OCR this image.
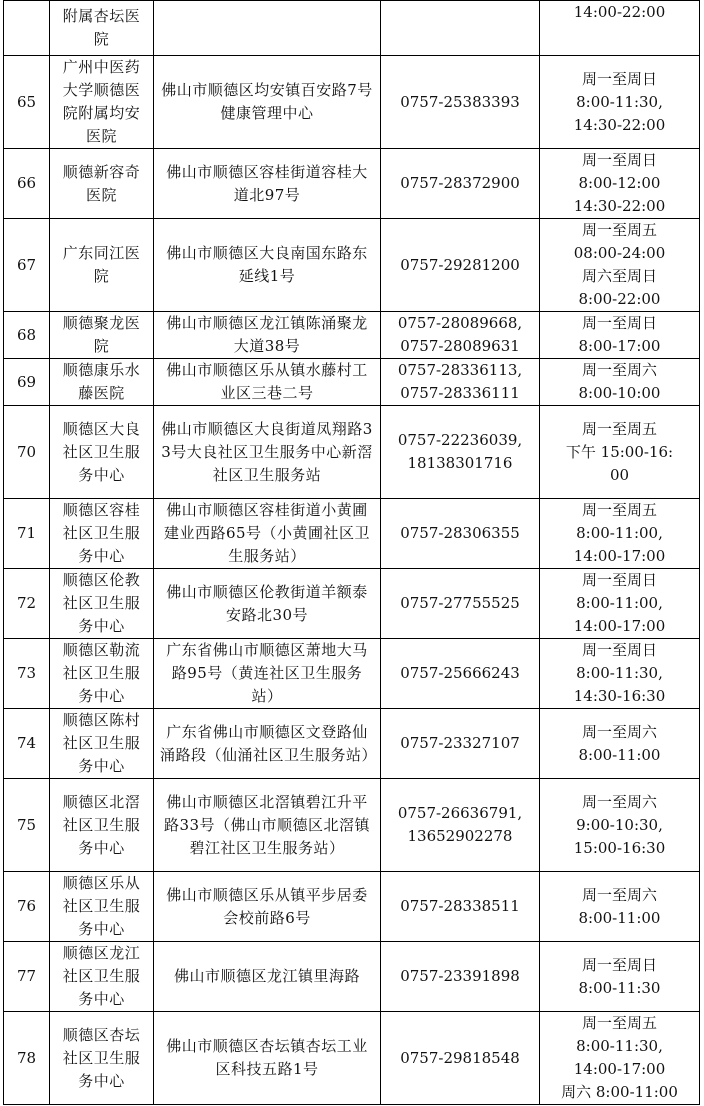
	附属杏坛医院			14:00-22:00

65	广州中医药大学顺德医院附属均安医院	佛山市顺德区均安镇百安路7号健康管理中心	0757-25383393	周一至周日
8:00-11:30,
14:30-22:00

66	顺德新容奇医院	佛山市顺德区容桂街道容桂大道北97号	0757-28372900	周一至周日
8:00-12:00
14:30-22:00

67	广东同江医院	佛山市顺德区大良南国东路东延线1号	0757-29281200	周一至周五
08:00-24:00
周六至周日
8:00-22:00

68	顺德聚龙医院	佛山市顺德区龙江镇陈涌聚龙大道38号	0757-28089668,
0757-28089631	周一至周日
8:00-17:00

69	顺德康乐水藤医院	佛山市顺德区乐从镇水藤村工业区三巷二号	0757-28336113,
0757-28336111	周一至周六
8:00-10:00

70	顺德区大良社区卫生服务中心	佛山市顺德区大良街道凤翔路33号大良社区卫生服务中心新滘社区卫生服务站	0757-22236039,
18138301716	周一至周五
下午 15:00-16:
00

71	顺德区容桂社区卫生服务中心	佛山市顺德区容桂街道小黄圃建业西路65号（小黄圃社区卫生服务站）	0757-28306355	周一至周五
8:00-11:00,
14:00-17:00

72	顺德区伦教社区卫生服务中心	佛山市顺德区伦教街道羊额泰安路北30号	0757-27755525	周一至周日
8:00-11:00,
14:00-17:00

73	顺德区勒流社区卫生服务中心	广东省佛山市顺德区萧地大马路95号（黄连社区卫生服务站）	0757-25666243	周一至周日
8:00-11:30,
14:30-16:30

74	顺德区陈村社区卫生服务中心	广东省佛山市顺德区文登路仙涌路段（仙涌社区卫生服务站）	0757-23327107	周一至周六
8:00-11:00

75	顺德区北滘社区卫生服务中心	佛山市顺德区北滘镇碧江升平路33号（佛山市顺德区北滘镇碧江社区卫生服务站）	0757-26636791,
13652902278	周一至周六
9:00-10:30,
15:00-16:30

76	顺德区乐从社区卫生服务中心	佛山市顺德区乐从镇平步居委会校前路6号	0757-28338511	周一至周六
8:00-11:00

77	顺德区龙江社区卫生服务中心	佛山市顺德区龙江镇里海路	0757-23391898	周一至周日
8:00-11:30

78	顺德区杏坛社区卫生服务中心	佛山市顺德区杏坛镇杏坛工业区科技五路1号	0757-29818548	周一至周五
8:00-11:30,
14:00-17:00
周六 8:00-11:00
